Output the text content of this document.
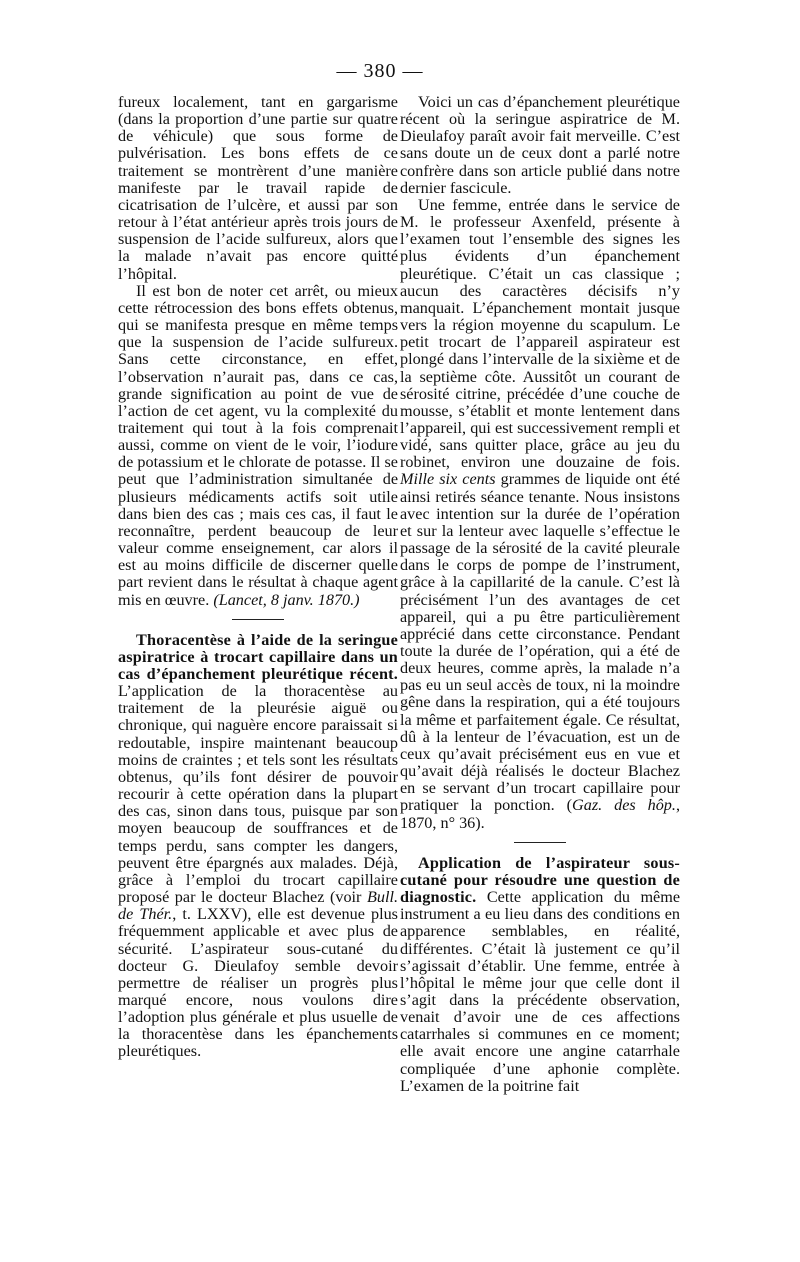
— 380 —

fureux localement, tant en gargarisme (dans la proportion d’une partie sur quatre de véhicule) que sous forme de pulvérisation. Les bons effets de ce traitement se montrèrent d’une manière manifeste par le travail rapide de cicatrisation de l’ulcère, et aussi par son retour à l’état antérieur après trois jours de suspension de l’acide sulfureux, alors que la malade n’avait pas encore quitté l’hôpital.

Il est bon de noter cet arrêt, ou mieux cette rétrocession des bons effets obtenus, qui se manifesta presque en même temps que la suspension de l’acide sulfureux. Sans cette circonstance, en effet, l’observation n’aurait pas, dans ce cas, grande signification au point de vue de l’action de cet agent, vu la complexité du traitement qui tout à la fois comprenait aussi, comme on vient de le voir, l’iodure de potassium et le chlorate de potasse. Il se peut que l’administration simultanée de plusieurs médicaments actifs soit utile dans bien des cas ; mais ces cas, il faut le reconnaître, perdent beaucoup de leur valeur comme enseignement, car alors il est au moins difficile de discerner quelle part revient dans le résultat à chaque agent mis en œuvre. (Lancet, 8 janv. 1870.)

Thoracentèse à l’aide de la seringue aspiratrice à trocart capillaire dans un cas d’épanchement pleurétique récent. L’application de la thoracentèse au traitement de la pleurésie aiguë ou chronique, qui naguère encore paraissait si redoutable, inspire maintenant beaucoup moins de craintes ; et tels sont les résultats obtenus, qu’ils font désirer de pouvoir recourir à cette opération dans la plupart des cas, sinon dans tous, puisque par son moyen beaucoup de souffrances et de temps perdu, sans compter les dangers, peuvent être épargnés aux malades. Déjà, grâce à l’emploi du trocart capillaire proposé par le docteur Blachez (voir Bull. de Thér., t. LXXV), elle est devenue plus fréquemment applicable et avec plus de sécurité. L’aspirateur sous-cutané du docteur G. Dieulafoy semble devoir permettre de réaliser un progrès plus marqué encore, nous voulons dire l’adoption plus générale et plus usuelle de la thoracentèse dans les épanchements pleurétiques.

Voici un cas d’épanchement pleurétique récent où la seringue aspiratrice de M. Dieulafoy paraît avoir fait merveille. C’est sans doute un de ceux dont a parlé notre confrère dans son article publié dans notre dernier fascicule.

Une femme, entrée dans le service de M. le professeur Axenfeld, présente à l’examen tout l’ensemble des signes les plus évidents d’un épanchement pleurétique. C’était un cas classique ; aucun des caractères décisifs n’y manquait. L’épanchement montait jusque vers la région moyenne du scapulum. Le petit trocart de l’appareil aspirateur est plongé dans l’intervalle de la sixième et de la septième côte. Aussitôt un courant de sérosité citrine, précédée d’une couche de mousse, s’établit et monte lentement dans l’appareil, qui est successivement rempli et vidé, sans quitter place, grâce au jeu du robinet, environ une douzaine de fois. Mille six cents grammes de liquide ont été ainsi retirés séance tenante. Nous insistons avec intention sur la durée de l’opération et sur la lenteur avec laquelle s’effectue le passage de la sérosité de la cavité pleurale dans le corps de pompe de l’instrument, grâce à la capillarité de la canule. C’est là précisément l’un des avantages de cet appareil, qui a pu être particulièrement apprécié dans cette circonstance. Pendant toute la durée de l’opération, qui a été de deux heures, comme après, la malade n’a pas eu un seul accès de toux, ni la moindre gêne dans la respiration, qui a été toujours la même et parfaitement égale. Ce résultat, dû à la lenteur de l’évacuation, est un de ceux qu’avait précisément eus en vue et qu’avait déjà réalisés le docteur Blachez en se servant d’un trocart capillaire pour pratiquer la ponction. (Gaz. des hôp., 1870, n° 36).

Application de l’aspirateur sous-cutané pour résoudre une question de diagnostic. Cette application du même instrument a eu lieu dans des conditions en apparence semblables, en réalité, différentes. C’était là justement ce qu’il s’agissait d’établir. Une femme, entrée à l’hôpital le même jour que celle dont il s’agit dans la précédente observation, venait d’avoir une de ces affections catarrhales si communes en ce moment; elle avait encore une angine catarrhale compliquée d’une aphonie complète. L’examen de la poitrine fait
